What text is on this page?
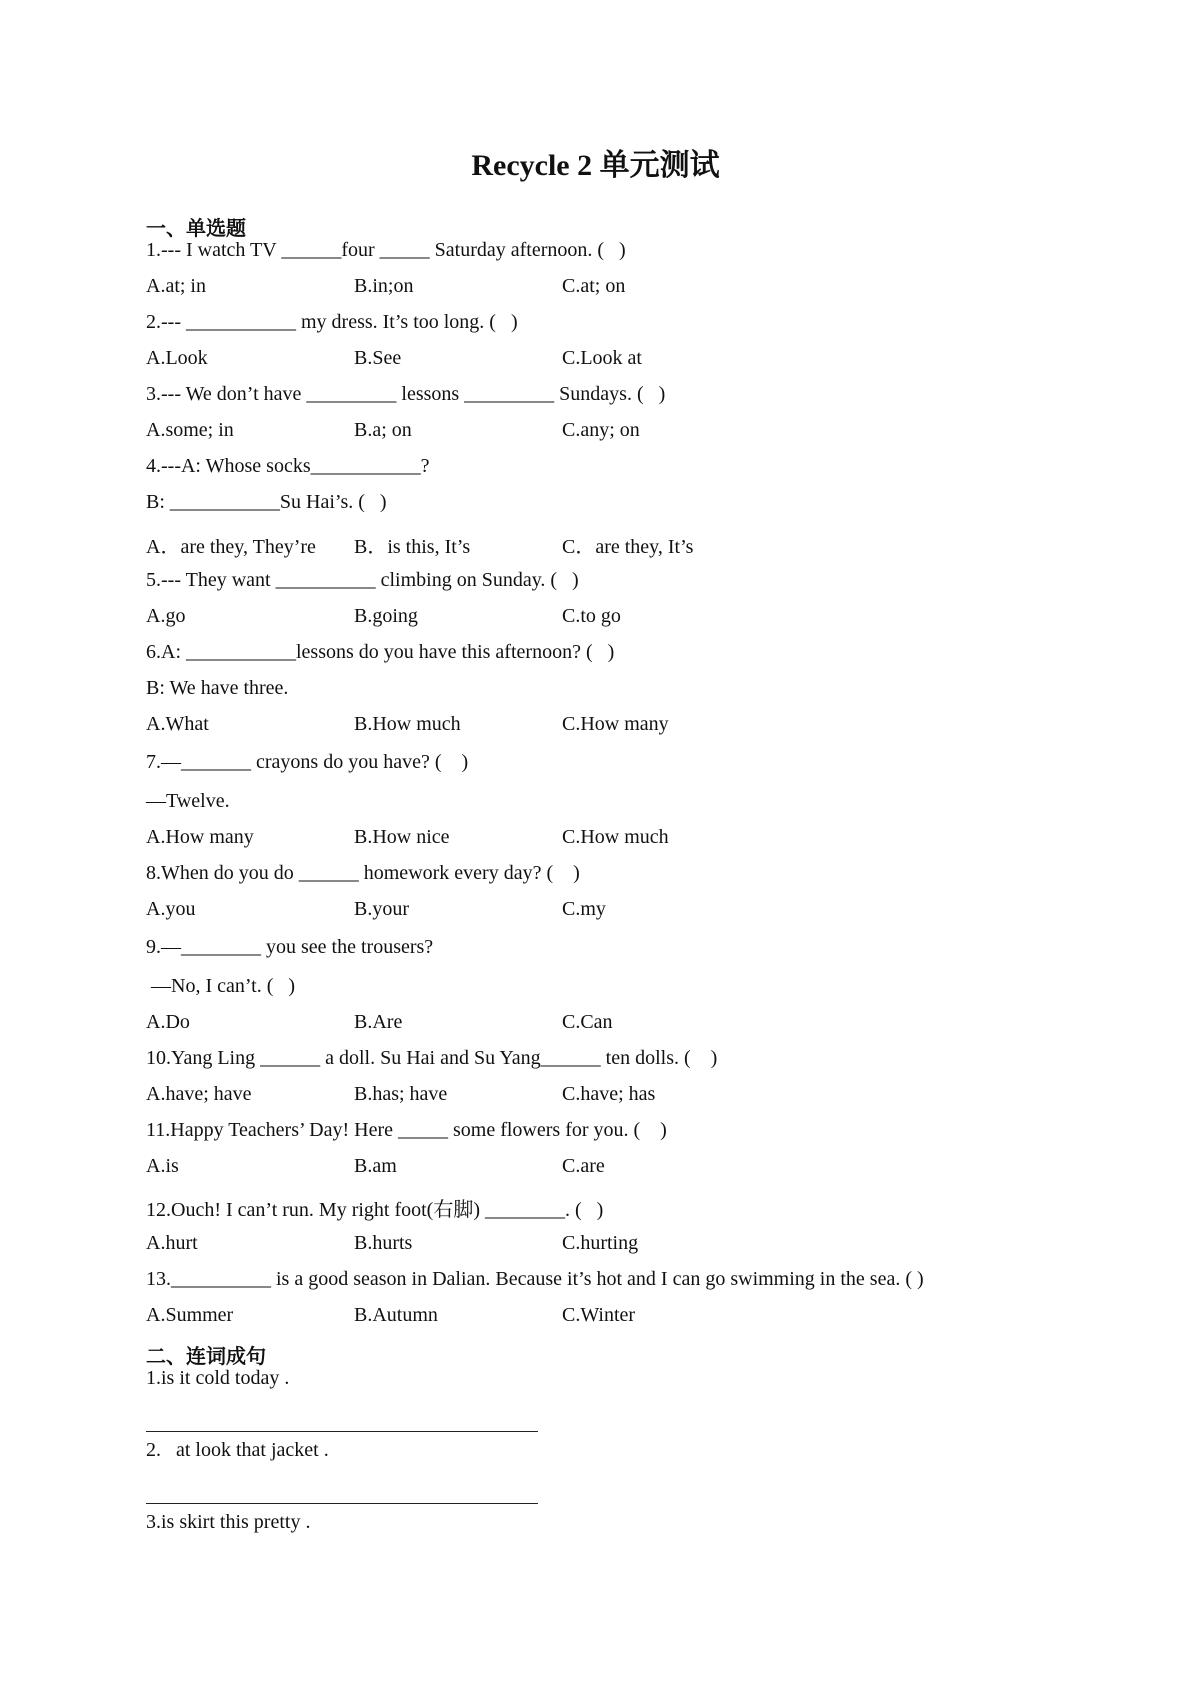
Recycle 2 单元测试
一、单选题
1.--- I watch TV ______four _____ Saturday afternoon. (   )
A.at; in	B.in;on	C.at; on
2.--- ___________ my dress. It’s too long. (   )
A.Look	B.See	C.Look at
3.--- We don’t have _________ lessons _________ Sundays. (   )
A.some; in	B.a; on	C.any; on
4.---A: Whose socks___________?
B: ___________Su Hai’s. (   )
A．are they, They’re B．is this, It’s	C．are they, It’s
5.--- They want __________ climbing on Sunday. (   )
A.go	B.going	C.to go
6.A: ___________lessons do you have this afternoon? (   )
B: We have three.
A.What	B.How much	C.How many
7.—_______ crayons do you have? (    )
—Twelve.
A.How many	B.How nice	C.How much
8.When do you do ______ homework every day? (    )
A.you	B.your	C.my
9.—________ you see the trousers?
—No, I can’t. (   )
A.Do	B.Are	C.Can
10.Yang Ling ______ a doll. Su Hai and Su Yang______ ten dolls. (    )
A.have; have	B.has; have	C.have; has
11.Happy Teachers’ Day! Here _____ some flowers for you. (    )
A.is	B.am	C.are
12.Ouch! I can’t run. My right foot(右脚) ________. (   )
A.hurt	B.hurts	C.hurting
13.__________ is a good season in Dalian. Because it’s hot and I can go swimming in the sea. ( )
A.Summer	B.Autumn	C.Winter
二、连词成句
1.is it cold today .
2.   at look that jacket .
3.is skirt this pretty .
